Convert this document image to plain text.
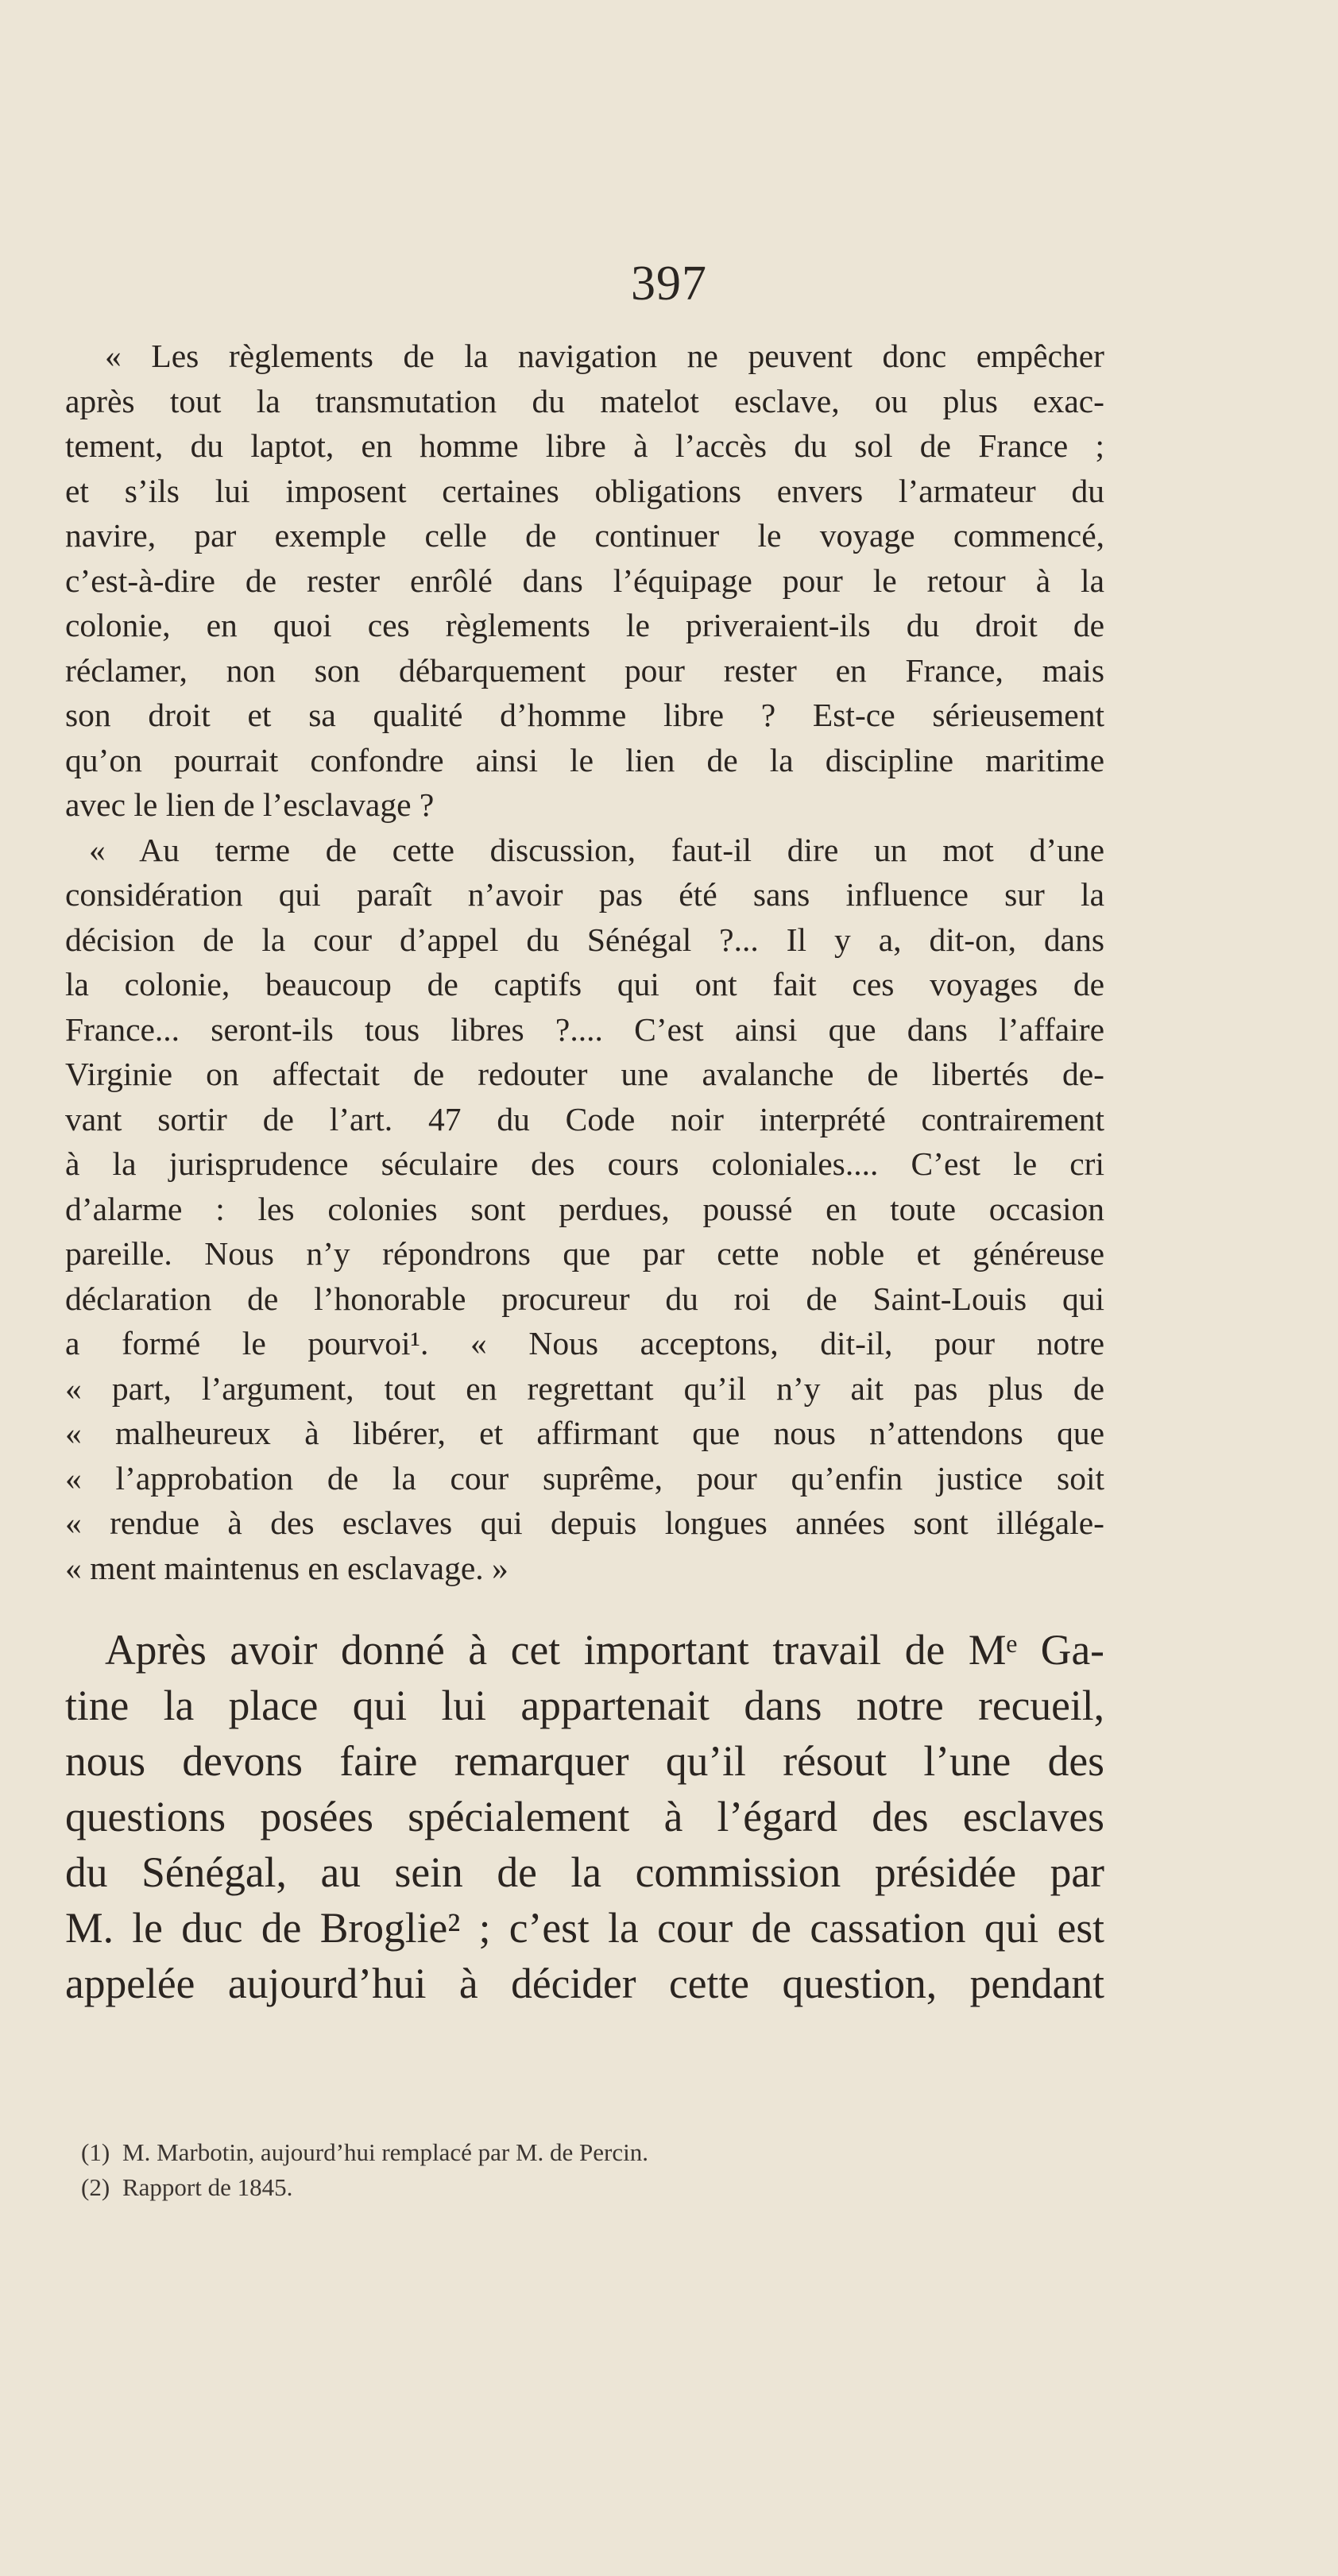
397
« Les règlements de la navigation ne peuvent donc empêcher
après tout la transmutation du matelot esclave, ou plus exac-
tement, du laptot, en homme libre à l’accès du sol de France ;
et s’ils lui imposent certaines obligations envers l’armateur du
navire, par exemple celle de continuer le voyage commencé,
c’est-à-dire de rester enrôlé dans l’équipage pour le retour à la
colonie, en quoi ces règlements le priveraient-ils du droit de
réclamer, non son débarquement pour rester en France, mais
son droit et sa qualité d’homme libre ? Est-ce sérieusement
qu’on pourrait confondre ainsi le lien de la discipline maritime
avec le lien de l’esclavage ?
« Au terme de cette discussion, faut-il dire un mot d’une
considération qui paraît n’avoir pas été sans influence sur la
décision de la cour d’appel du Sénégal ?... Il y a, dit-on, dans
la colonie, beaucoup de captifs qui ont fait ces voyages de
France... seront-ils tous libres ?.... C’est ainsi que dans l’affaire
Virginie on affectait de redouter une avalanche de libertés de-
vant sortir de l’art. 47 du Code noir interprété contrairement
à la jurisprudence séculaire des cours coloniales.... C’est le cri
d’alarme : les colonies sont perdues, poussé en toute occasion
pareille. Nous n’y répondrons que par cette noble et généreuse
déclaration de l’honorable procureur du roi de Saint-Louis qui
a formé le pourvoi¹. « Nous acceptons, dit-il, pour notre
« part, l’argument, tout en regrettant qu’il n’y ait pas plus de
« malheureux à libérer, et affirmant que nous n’attendons que
« l’approbation de la cour suprême, pour qu’enfin justice soit
« rendue à des esclaves qui depuis longues années sont illégale-
« ment maintenus en esclavage. »
Après avoir donné à cet important travail de Mᵉ Ga-
tine la place qui lui appartenait dans notre recueil,
nous devons faire remarquer qu’il résout l’une des
questions posées spécialement à l’égard des esclaves
du Sénégal, au sein de la commission présidée par
M. le duc de Broglie² ; c’est la cour de cassation qui est
appelée aujourd’hui à décider cette question, pendant
(1) M. Marbotin, aujourd’hui remplacé par M. de Percin.
(2) Rapport de 1845.
